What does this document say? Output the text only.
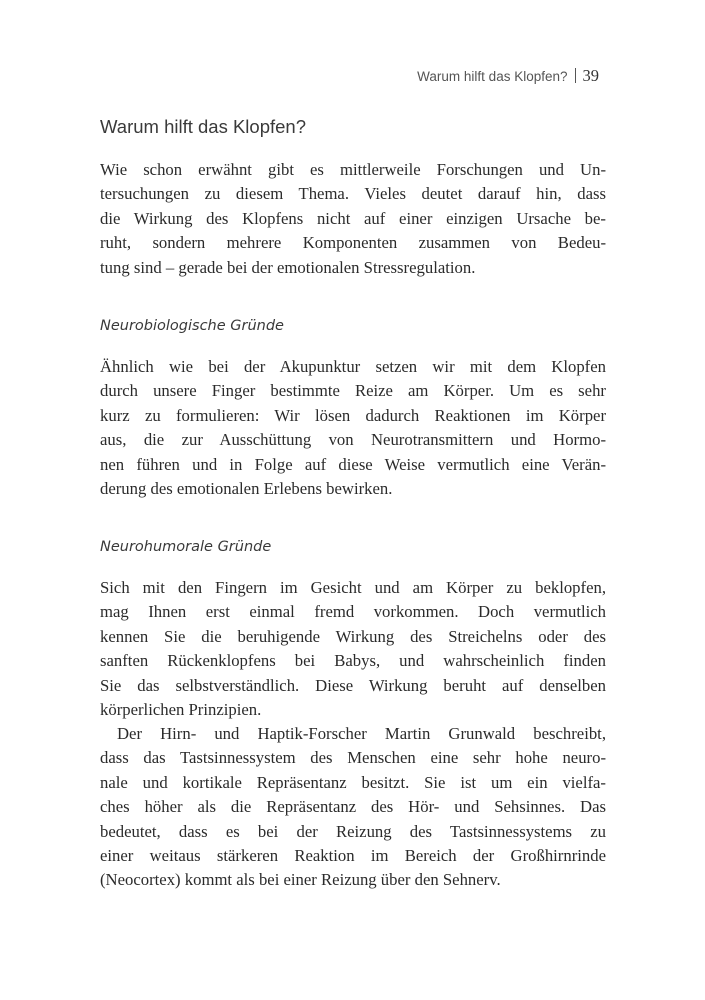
Warum hilft das Klopfen? 39
Warum hilft das Klopfen?

Wie schon erwähnt gibt es mittlerweile Forschungen und Un-
tersuchungen zu diesem Thema. Vieles deutet darauf hin, dass
die Wirkung des Klopfens nicht auf einer einzigen Ursache be-
ruht, sondern mehrere Komponenten zusammen von Bedeu-
tung sind – gerade bei der emotionalen Stressregulation.

Neurobiologische Gründe

Ähnlich wie bei der Akupunktur setzen wir mit dem Klopfen
durch unsere Finger bestimmte Reize am Körper. Um es sehr
kurz zu formulieren: Wir lösen dadurch Reaktionen im Körper
aus, die zur Ausschüttung von Neurotransmittern und Hormo-
nen führen und in Folge auf diese Weise vermutlich eine Verän-
derung des emotionalen Erlebens bewirken.

Neurohumorale Gründe

Sich mit den Fingern im Gesicht und am Körper zu beklopfen,
mag Ihnen erst einmal fremd vorkommen. Doch vermutlich
kennen Sie die beruhigende Wirkung des Streichelns oder des
sanften Rückenklopfens bei Babys, und wahrscheinlich finden
Sie das selbstverständlich. Diese Wirkung beruht auf denselben
körperlichen Prinzipien.

Der Hirn- und Haptik-Forscher Martin Grunwald beschreibt,
dass das Tastsinnessystem des Menschen eine sehr hohe neuro-
nale und kortikale Repräsentanz besitzt. Sie ist um ein vielfa-
ches höher als die Repräsentanz des Hör- und Sehsinnes. Das
bedeutet, dass es bei der Reizung des Tastsinnessystems zu
einer weitaus stärkeren Reaktion im Bereich der Großhirnrinde
(Neocortex) kommt als bei einer Reizung über den Sehnerv.
